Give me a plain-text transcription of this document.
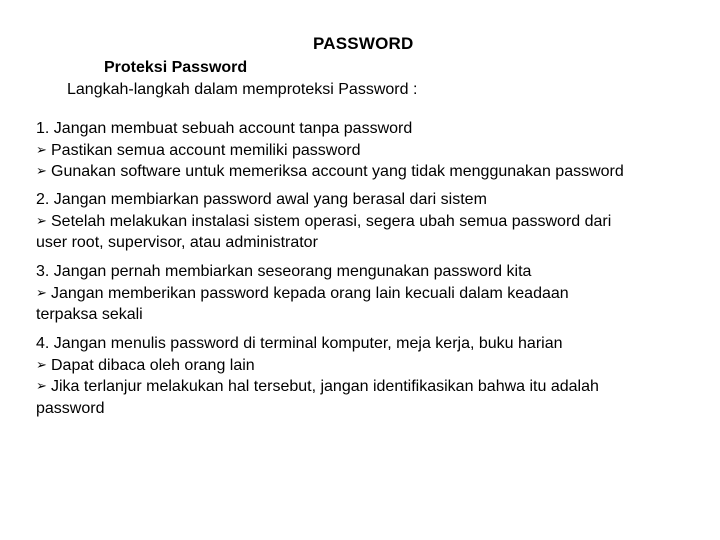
PASSWORD
Proteksi Password
Langkah-langkah dalam memproteksi Password :
1. Jangan membuat sebuah account tanpa password
➢ Pastikan semua account memiliki password
➢ Gunakan software untuk memeriksa account yang tidak menggunakan password
2. Jangan membiarkan password awal yang berasal dari sistem
➢ Setelah melakukan instalasi sistem operasi, segera ubah semua password dari
user root, supervisor, atau administrator
3. Jangan pernah membiarkan seseorang mengunakan password kita
➢ Jangan memberikan password kepada orang lain kecuali dalam keadaan
terpaksa sekali
4. Jangan menulis password di terminal komputer, meja kerja, buku harian
➢ Dapat dibaca oleh orang lain
➢ Jika terlanjur melakukan hal tersebut, jangan identifikasikan bahwa itu adalah
password
